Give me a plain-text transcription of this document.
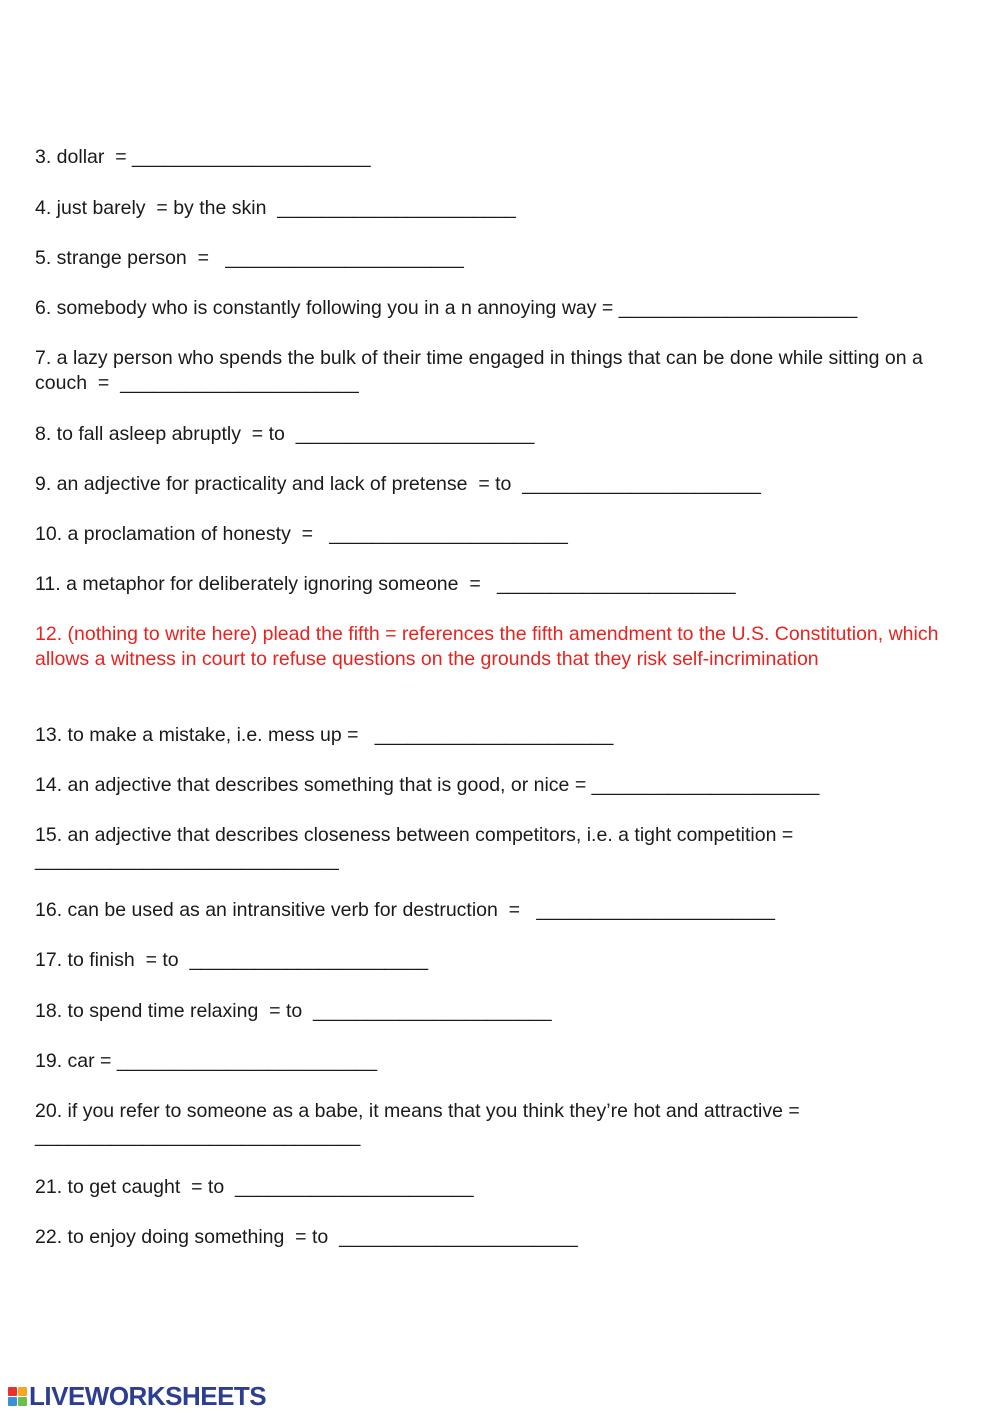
3. dollar  = ______________________

4. just barely  = by the skin  ______________________

5. strange person  =   ______________________

6. somebody who is constantly following you in a n annoying way = ______________________

7. a lazy person who spends the bulk of their time engaged in things that can be done while sitting on a couch  =  ______________________

8. to fall asleep abruptly  = to  ______________________

9. an adjective for practicality and lack of pretense  = to  ______________________

10. a proclamation of honesty  =   ______________________

11. a metaphor for deliberately ignoring someone  =   ______________________

12. (nothing to write here) plead the fifth = references the fifth amendment to the U.S. Constitution, which allows a witness in court to refuse questions on the grounds that they risk self-incrimination

13. to make a mistake, i.e. mess up =   ______________________

14. an adjective that describes something that is good, or nice = _____________________

15. an adjective that describes closeness between competitors, i.e. a tight competition = ____________________________

16. can be used as an intransitive verb for destruction  =   ______________________

17. to finish  = to  ______________________

18. to spend time relaxing  = to  ______________________

19. car = ________________________

20. if you refer to someone as a babe, it means that you think they’re hot and attractive = ______________________________

21. to get caught  = to  ______________________

22. to enjoy doing something  = to  ______________________

LIVEWORKSHEETS
